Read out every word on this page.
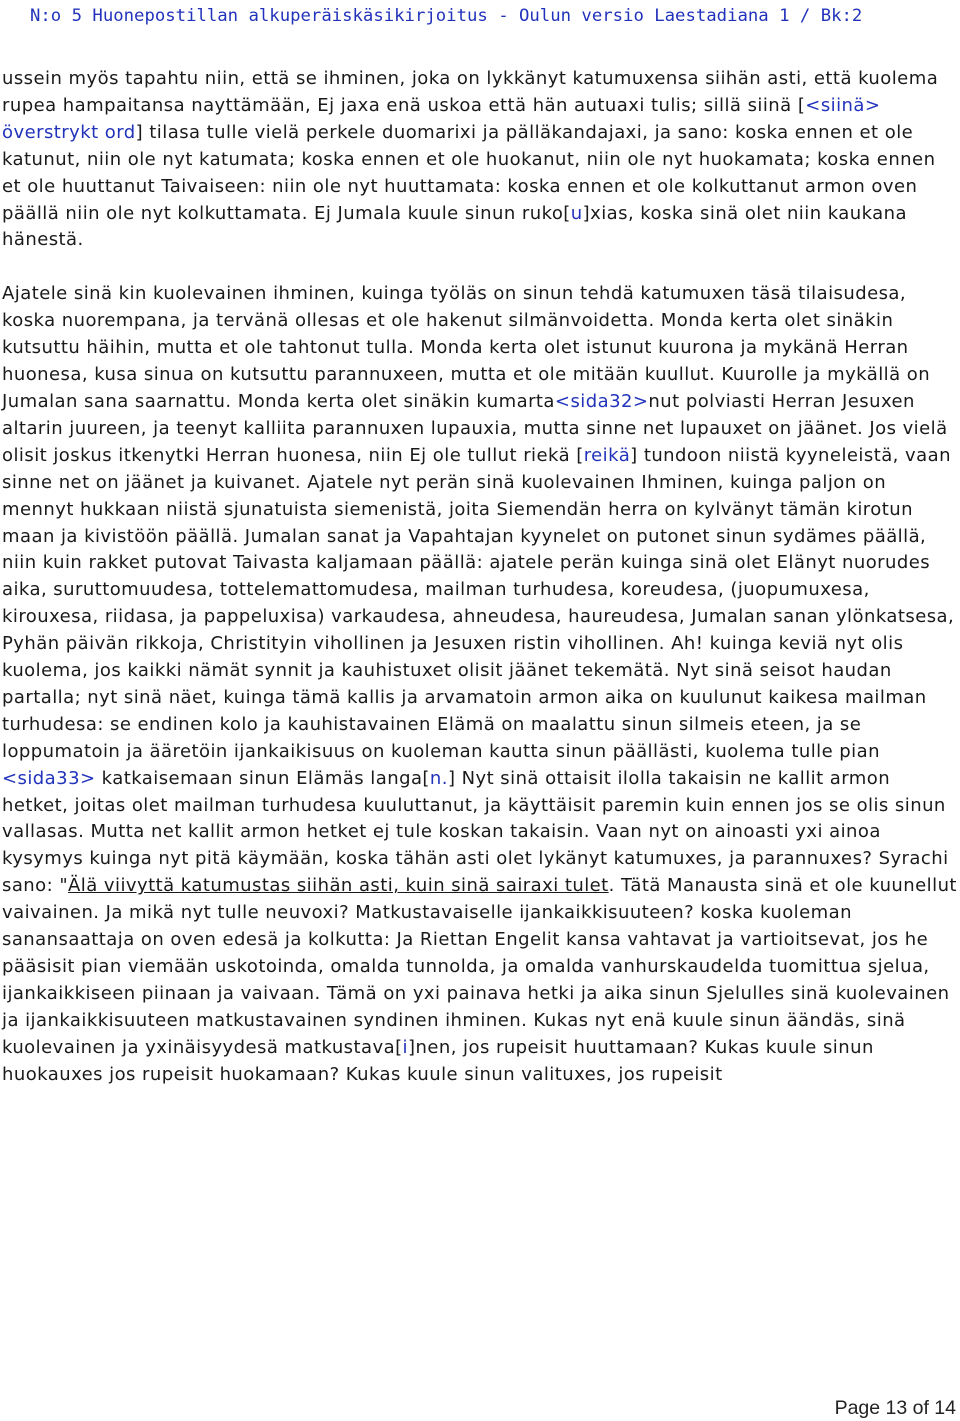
N:o 5 Huonepostillan alkuperäiskäsikirjoitus - Oulun versio Laestadiana 1 / Bk:2

ussein myös tapahtu niin, että se ihminen, joka on lykkänyt katumuxensa siihän asti, että kuolema rupea hampaitansa nayttämään, Ej jaxa enä uskoa että hän autuaxi tulis; sillä siinä [<siinä> överstrykt ord] tilasa tulle vielä perkele duomarixi ja pälläkandajaxi, ja sano: koska ennen et ole katunut, niin ole nyt katumata; koska ennen et ole huokanut, niin ole nyt huokamata; koska ennen et ole huuttanut Taivaiseen: niin ole nyt huuttamata: koska ennen et ole kolkuttanut armon oven päällä niin ole nyt kolkuttamata. Ej Jumala kuule sinun ruko[u]xias, koska sinä olet niin kaukana hänestä.

Ajatele sinä kin kuolevainen ihminen, kuinga työläs on sinun tehdä katumuxen täsä tilaisudesa, koska nuorempana, ja tervänä ollesas et ole hakenut silmänvoidetta. Monda kerta olet sinäkin kutsuttu häihin, mutta et ole tahtonut tulla. Monda kerta olet istunut kuurona ja mykänä Herran huonesa, kusa sinua on kutsuttu parannuxeen, mutta et ole mitään kuullut. Kuurolle ja mykällä on Jumalan sana saarnattu. Monda kerta olet sinäkin kumarta<sida32>nut polviasti Herran Jesuxen altarin juureen, ja teenyt kalliita parannuxen lupauxia, mutta sinne net lupauxet on jäänet. Jos vielä olisit joskus itkenytki Herran huonesa, niin Ej ole tullut riekä [reikä] tundoon niistä kyyneleistä, vaan sinne net on jäänet ja kuivanet. Ajatele nyt perän sinä kuolevainen Ihminen, kuinga paljon on mennyt hukkaan niistä sjunatuista siemenistä, joita Siemendän herra on kylvänyt tämän kirotun maan ja kivistöön päällä. Jumalan sanat ja Vapahtajan kyynelet on putonet sinun sydämes päällä, niin kuin rakket putovat Taivasta kaljamaan päällä: ajatele perän kuinga sinä olet Elänyt nuorudes aika, suruttomuudesa, tottelemattomudesa, mailman turhudesa, koreudesa, (juopumuxesa, kirouxesa, riidasa, ja pappeluxisa) varkaudesa, ahneudesa, haureudesa, Jumalan sanan ylönkatsesa, Pyhän päivän rikkoja, Christityin vihollinen ja Jesuxen ristin vihollinen. Ah! kuinga keviä nyt olis kuolema, jos kaikki nämät synnit ja kauhistuxet olisit jäänet tekemätä. Nyt sinä seisot haudan partalla; nyt sinä näet, kuinga tämä kallis ja arvamatoin armon aika on kuulunut kaikesa mailman turhudesa: se endinen kolo ja kauhistavainen Elämä on maalattu sinun silmeis eteen, ja se loppumatoin ja ääretöin ijankaikisuus on kuoleman kautta sinun päällästi, kuolema tulle pian <sida33> katkaisemaan sinun Elämäs langa[n.] Nyt sinä ottaisit ilolla takaisin ne kallit armon hetket, joitas olet mailman turhudesa kuuluttanut, ja käyttäisit paremin kuin ennen jos se olis sinun vallasas. Mutta net kallit armon hetket ej tule koskan takaisin. Vaan nyt on ainoasti yxi ainoa kysymys kuinga nyt pitä käymään, koska tähän asti olet lykänyt katumuxes, ja parannuxes? Syrachi sano: "Älä viivyttä katumustas siihän asti, kuin sinä sairaxi tulet. Tätä Manausta sinä et ole kuunellut vaivainen. Ja mikä nyt tulle neuvoxi? Matkustavaiselle ijankaikkisuuteen? koska kuoleman sanansaattaja on oven edesä ja kolkutta: Ja Riettan Engelit kansa vahtavat ja vartioitsevat, jos he pääsisit pian viemään uskotoinda, omalda tunnolda, ja omalda vanhurskaudelda tuomittua sjelua, ijankaikkiseen piinaan ja vaivaan. Tämä on yxi painava hetki ja aika sinun Sjelulles sinä kuolevainen ja ijankaikkisuuteen matkustavainen syndinen ihminen. Kukas nyt enä kuule sinun äändäs, sinä kuolevainen ja yxinäisyydesä matkustava[i]nen, jos rupeisit huuttamaan? Kukas kuule sinun huokauxes jos rupeisit huokamaan? Kukas kuule sinun valituxes, jos rupeisit

Page 13 of 14
